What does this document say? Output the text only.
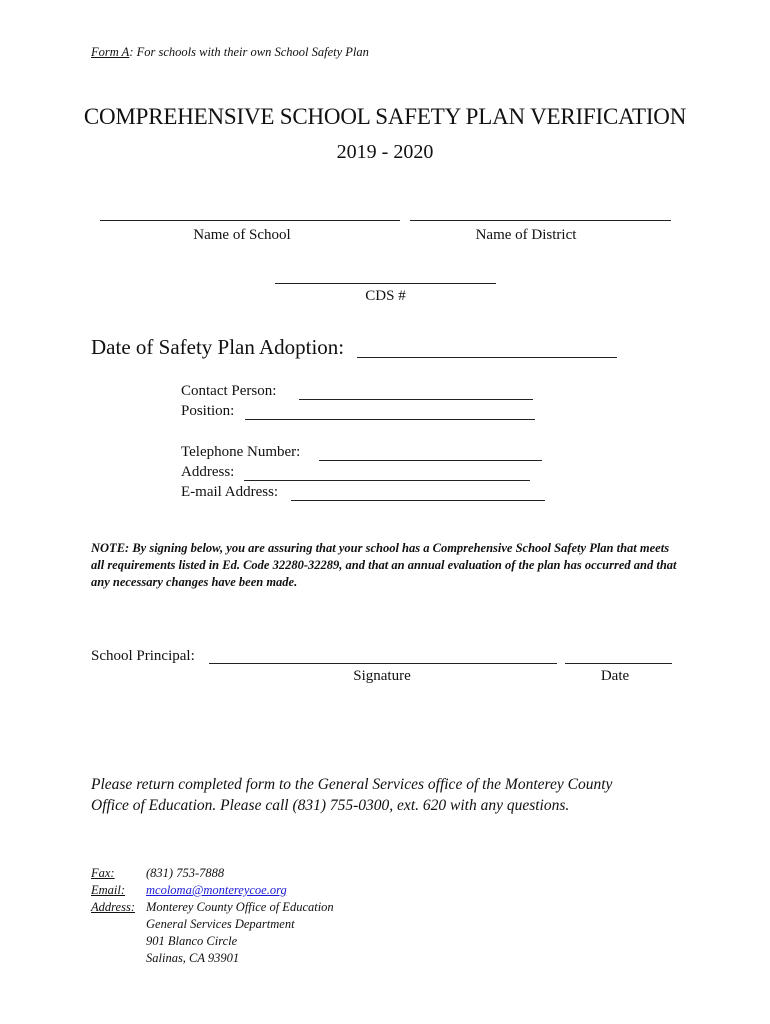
Form A: For schools with their own School Safety Plan
COMPREHENSIVE SCHOOL SAFETY PLAN VERIFICATION
2019 - 2020
Name of School	Name of District
CDS #
Date of Safety Plan Adoption:
Contact Person:
Position:
Telephone Number:
Address:
E-mail Address:
NOTE: By signing below, you are assuring that your school has a Comprehensive School Safety Plan that meets all requirements listed in Ed. Code 32280-32289, and that an annual evaluation of the plan has occurred and that any necessary changes have been made.
School Principal:
Signature	Date
Please return completed form to the General Services office of the Monterey County Office of Education. Please call (831) 755-0300, ext. 620 with any questions.
Fax:	(831) 753-7888
Email: mcoloma@montereycoe.org
Address: Monterey County Office of Education
General Services Department
901 Blanco Circle
Salinas, CA 93901
